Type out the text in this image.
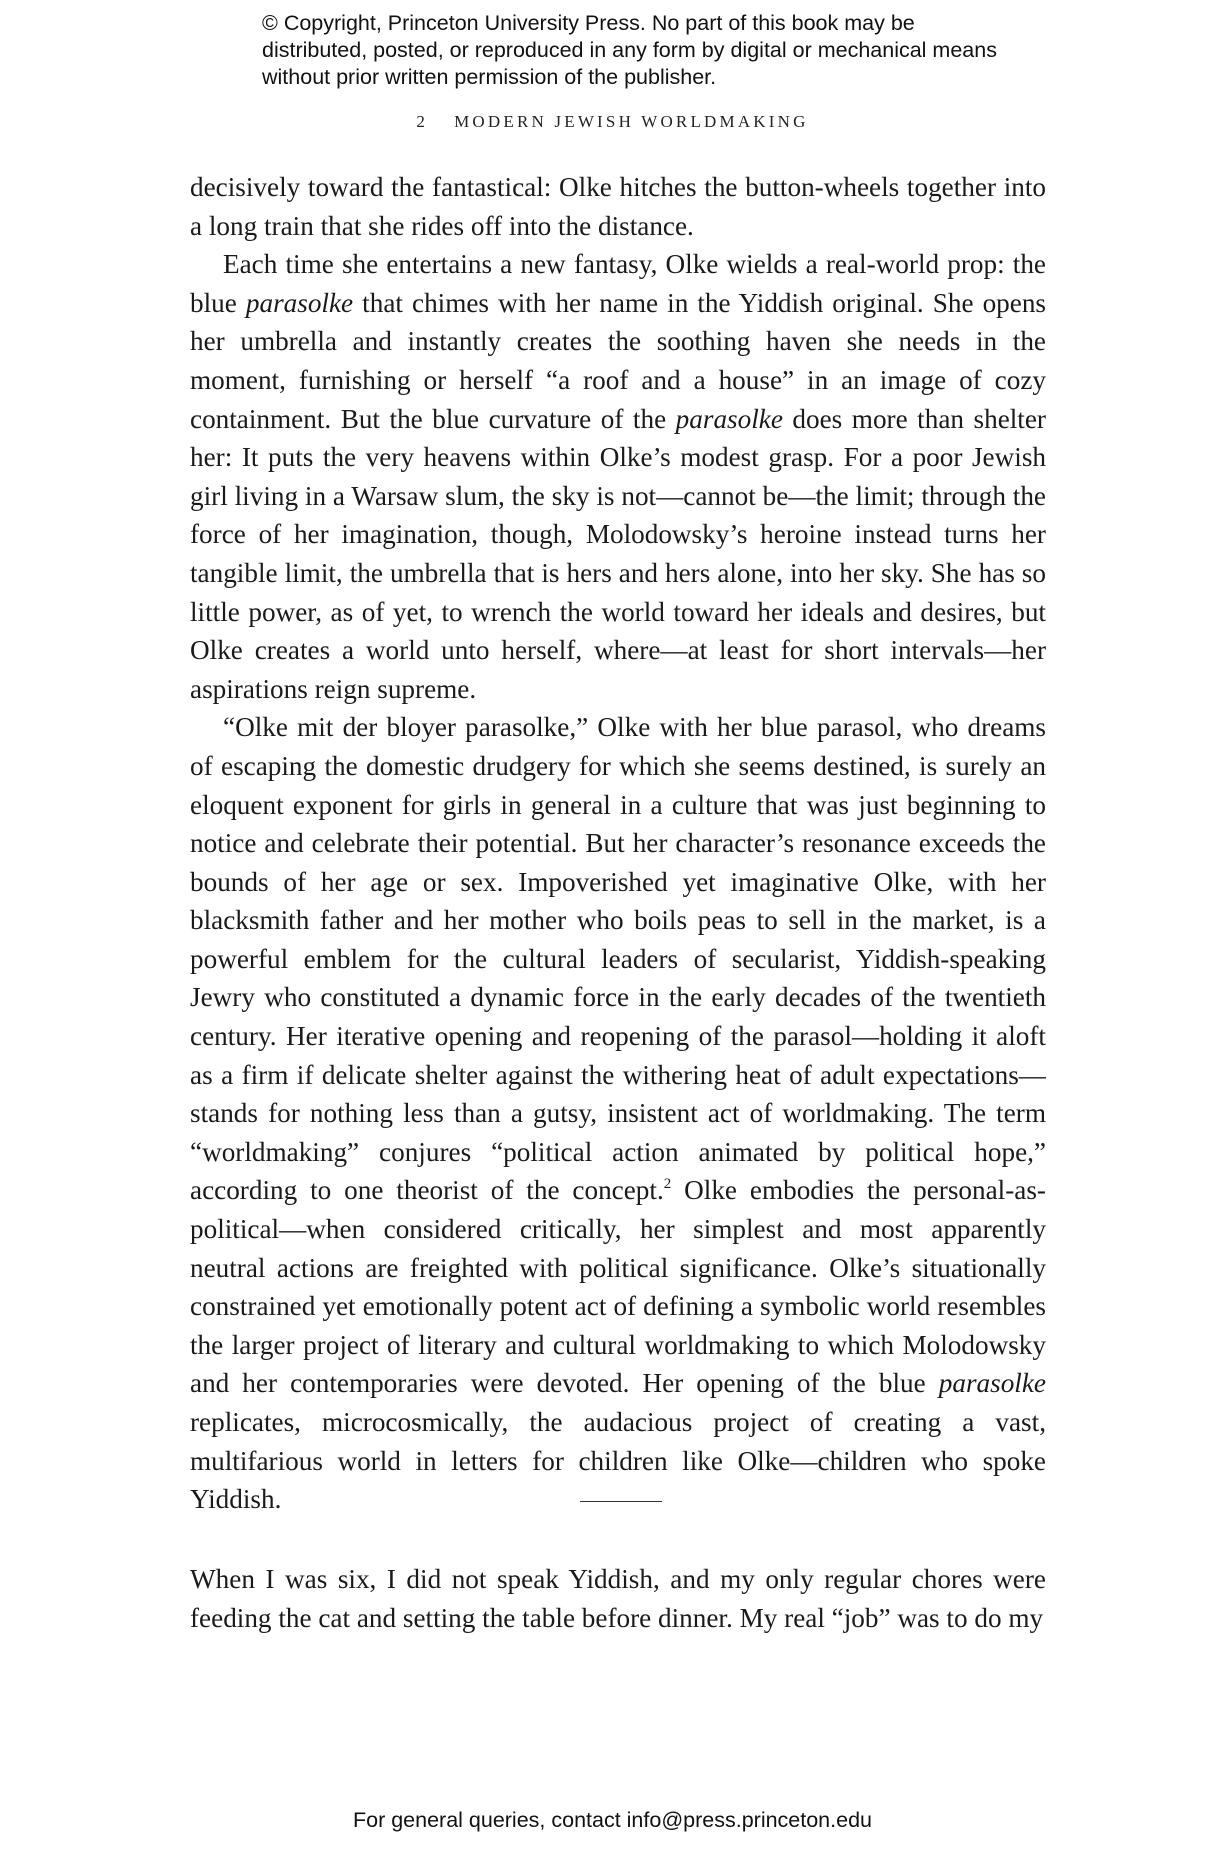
© Copyright, Princeton University Press. No part of this book may be distributed, posted, or reproduced in any form by digital or mechanical means without prior written permission of the publisher.
2 MODERN JEWISH WORLDMAKING

decisively toward the fantastical: Olke hitches the button-wheels together into a long train that she rides off into the distance.

Each time she entertains a new fantasy, Olke wields a real-world prop: the blue parasolke that chimes with her name in the Yiddish original. She opens her umbrella and instantly creates the soothing haven she needs in the moment, furnishing or herself “a roof and a house” in an image of cozy containment. But the blue curvature of the parasolke does more than shelter her: It puts the very heavens within Olke’s modest grasp. For a poor Jewish girl living in a Warsaw slum, the sky is not—cannot be—the limit; through the force of her imagination, though, Molodowsky’s heroine instead turns her tangible limit, the umbrella that is hers and hers alone, into her sky. She has so little power, as of yet, to wrench the world toward her ideals and desires, but Olke creates a world unto herself, where—at least for short intervals—her aspirations reign supreme.

“Olke mit der bloyer parasolke,” Olke with her blue parasol, who dreams of escaping the domestic drudgery for which she seems destined, is surely an eloquent exponent for girls in general in a culture that was just beginning to notice and celebrate their potential. But her character’s resonance exceeds the bounds of her age or sex. Impoverished yet imaginative Olke, with her blacksmith father and her mother who boils peas to sell in the market, is a powerful emblem for the cultural leaders of secularist, Yiddish-speaking Jewry who constituted a dynamic force in the early decades of the twentieth century. Her iterative opening and reopening of the parasol—holding it aloft as a firm if delicate shelter against the withering heat of adult expectations—stands for nothing less than a gutsy, insistent act of worldmaking. The term “worldmaking” conjures “political action animated by political hope,” according to one theorist of the concept.$^2$ Olke embodies the personal-as-political—when considered critically, her simplest and most apparently neutral actions are freighted with political significance. Olke’s situationally constrained yet emotionally potent act of defining a symbolic world resembles the larger project of literary and cultural worldmaking to which Molodowsky and her contemporaries were devoted. Her opening of the blue parasolke replicates, microcosmically, the audacious project of creating a vast, multifarious world in letters for children like Olke—children who spoke Yiddish.

When I was six, I did not speak Yiddish, and my only regular chores were feeding the cat and setting the table before dinner. My real “job” was to do my

For general queries, contact info@press.princeton.edu
